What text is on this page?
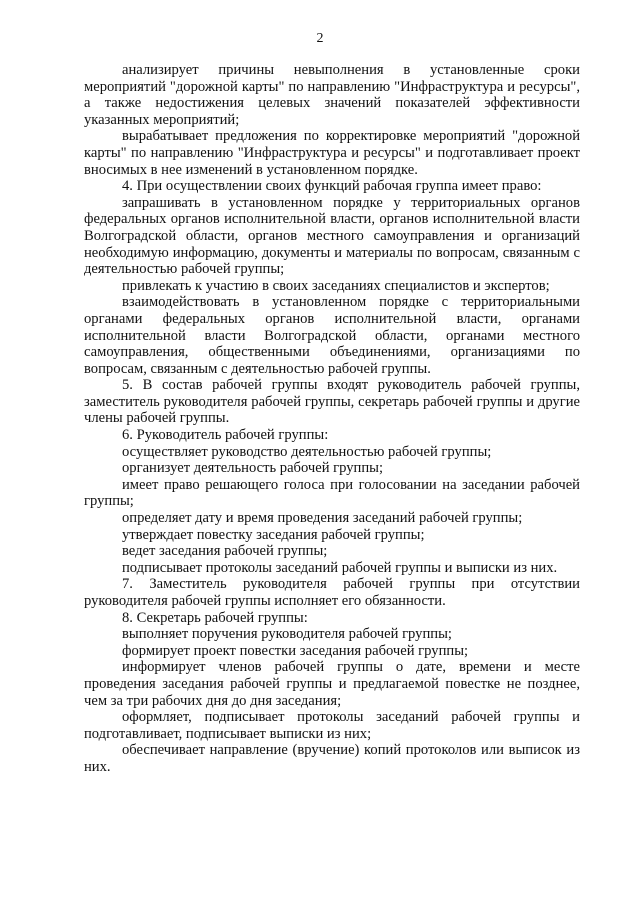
2

анализирует причины невыполнения в установленные сроки мероприятий "дорожной карты" по направлению "Инфраструктура и ресурсы", а также недостижения целевых значений показателей эффективности указанных мероприятий;

вырабатывает предложения по корректировке мероприятий "дорожной карты" по направлению "Инфраструктура и ресурсы" и подготавливает проект вносимых в нее изменений в установленном порядке.

4. При осуществлении своих функций рабочая группа имеет право:

запрашивать в установленном порядке у территориальных органов федеральных органов исполнительной власти, органов исполнительной власти Волгоградской области, органов местного самоуправления и организаций необходимую информацию, документы и материалы по вопросам, связанным с деятельностью рабочей группы;

привлекать к участию в своих заседаниях специалистов и экспертов;

взаимодействовать в установленном порядке с территориальными органами федеральных органов исполнительной власти, органами исполнительной власти Волгоградской области, органами местного самоуправления, общественными объединениями, организациями по вопросам, связанным с деятельностью рабочей группы.

5. В состав рабочей группы входят руководитель рабочей группы, заместитель руководителя рабочей группы, секретарь рабочей группы и другие члены рабочей группы.

6. Руководитель рабочей группы:

осуществляет руководство деятельностью рабочей группы;

организует деятельность рабочей группы;

имеет право решающего голоса при голосовании на заседании рабочей группы;

определяет дату и время проведения заседаний рабочей группы;

утверждает повестку заседания рабочей группы;

ведет заседания рабочей группы;

подписывает протоколы заседаний рабочей группы и выписки из них.

7. Заместитель руководителя рабочей группы при отсутствии руководителя рабочей группы исполняет его обязанности.

8. Секретарь рабочей группы:

выполняет поручения руководителя рабочей группы;

формирует проект повестки заседания рабочей группы;

информирует членов рабочей группы о дате, времени и месте проведения заседания рабочей группы и предлагаемой повестке не позднее, чем за три рабочих дня до дня заседания;

оформляет, подписывает протоколы заседаний рабочей группы и подготавливает, подписывает выписки из них;

обеспечивает направление (вручение) копий протоколов или выписок из них.
